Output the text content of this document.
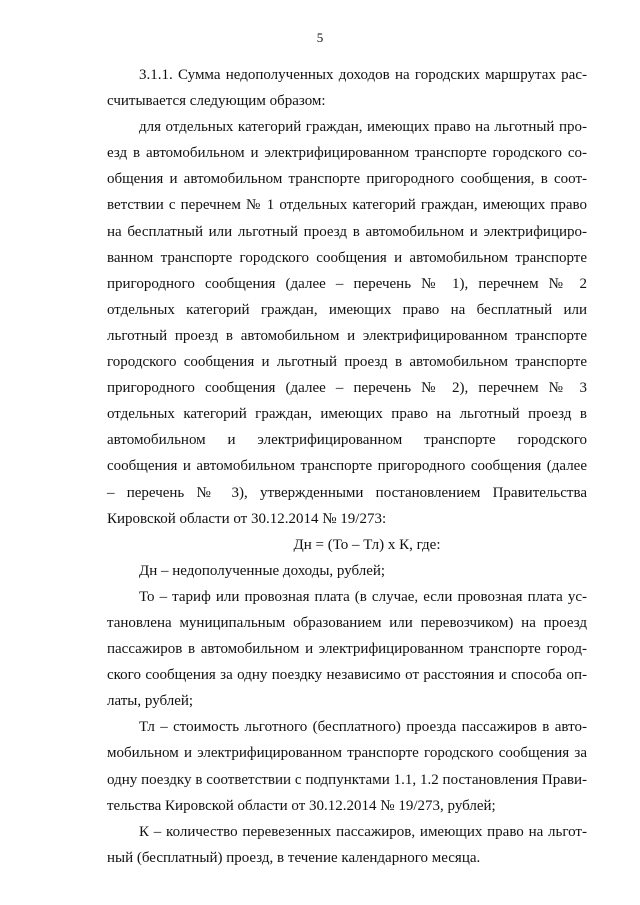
5

3.1.1. Сумма недополученных доходов на городских маршрутах рассчитывается следующим образом:

для отдельных категорий граждан, имеющих право на льготный проезд в автомобильном и электрифицированном транспорте городского сообщения и автомобильном транспорте пригородного сообщения, в соответствии с перечнем № 1 отдельных категорий граждан, имеющих право на бесплатный или льготный проезд в автомобильном и электрифицированном транспорте городского сообщения и автомобильном транспорте пригородного сообщения (далее – перечень № 1), перечнем № 2 отдельных категорий граждан, имеющих право на бесплатный или льготный проезд в автомобильном и электрифицированном транспорте городского сообщения и льготный проезд в автомобильном транспорте пригородного сообщения (далее – перечень № 2), перечнем № 3 отдельных категорий граждан, имеющих право на льготный проезд в автомобильном и электрифицированном транспорте городского сообщения и автомобильном транспорте пригородного сообщения (далее – перечень № 3), утвержденными постановлением Правительства Кировской области от 30.12.2014 № 19/273:

Дн = (То – Тл) х К, где:

Дн – недополученные доходы, рублей;

То – тариф или провозная плата (в случае, если провозная плата установлена муниципальным образованием или перевозчиком) на проезд пассажиров в автомобильном и электрифицированном транспорте городского сообщения за одну поездку независимо от расстояния и способа оплаты, рублей;

Тл – стоимость льготного (бесплатного) проезда пассажиров в автомобильном и электрифицированном транспорте городского сообщения за одну поездку в соответствии с подпунктами 1.1, 1.2 постановления Правительства Кировской области от 30.12.2014 № 19/273, рублей;

К – количество перевезенных пассажиров, имеющих право на льготный (бесплатный) проезд, в течение календарного месяца.
